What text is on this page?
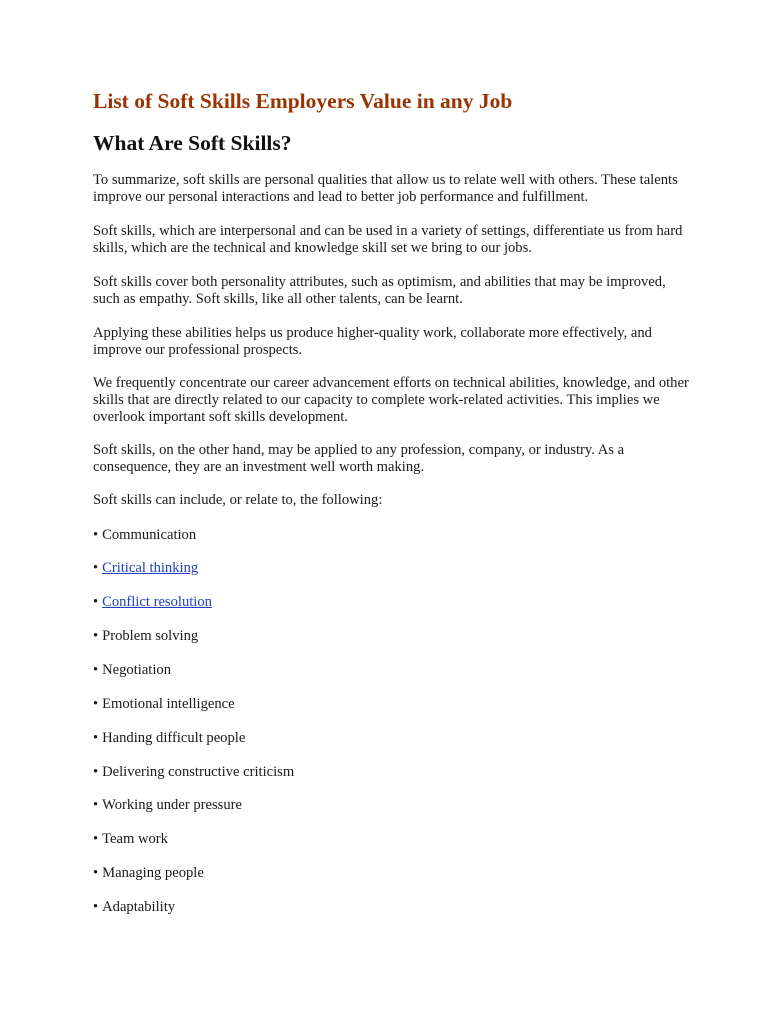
List of Soft Skills Employers Value in any Job
What Are Soft Skills?

To summarize, soft skills are personal qualities that allow us to relate well with others. These talents improve our personal interactions and lead to better job performance and fulfillment.

Soft skills, which are interpersonal and can be used in a variety of settings, differentiate us from hard skills, which are the technical and knowledge skill set we bring to our jobs.

Soft skills cover both personality attributes, such as optimism, and abilities that may be improved, such as empathy. Soft skills, like all other talents, can be learnt.

Applying these abilities helps us produce higher-quality work, collaborate more effectively, and improve our professional prospects.

We frequently concentrate our career advancement efforts on technical abilities, knowledge, and other skills that are directly related to our capacity to complete work-related activities. This implies we overlook important soft skills development.

Soft skills, on the other hand, may be applied to any profession, company, or industry. As a consequence, they are an investment well worth making.

Soft skills can include, or relate to, the following:

• Communication
• Critical thinking
• Conflict resolution
• Problem solving
• Negotiation
• Emotional intelligence
• Handing difficult people
• Delivering constructive criticism
• Working under pressure
• Team work
• Managing people
• Adaptability
